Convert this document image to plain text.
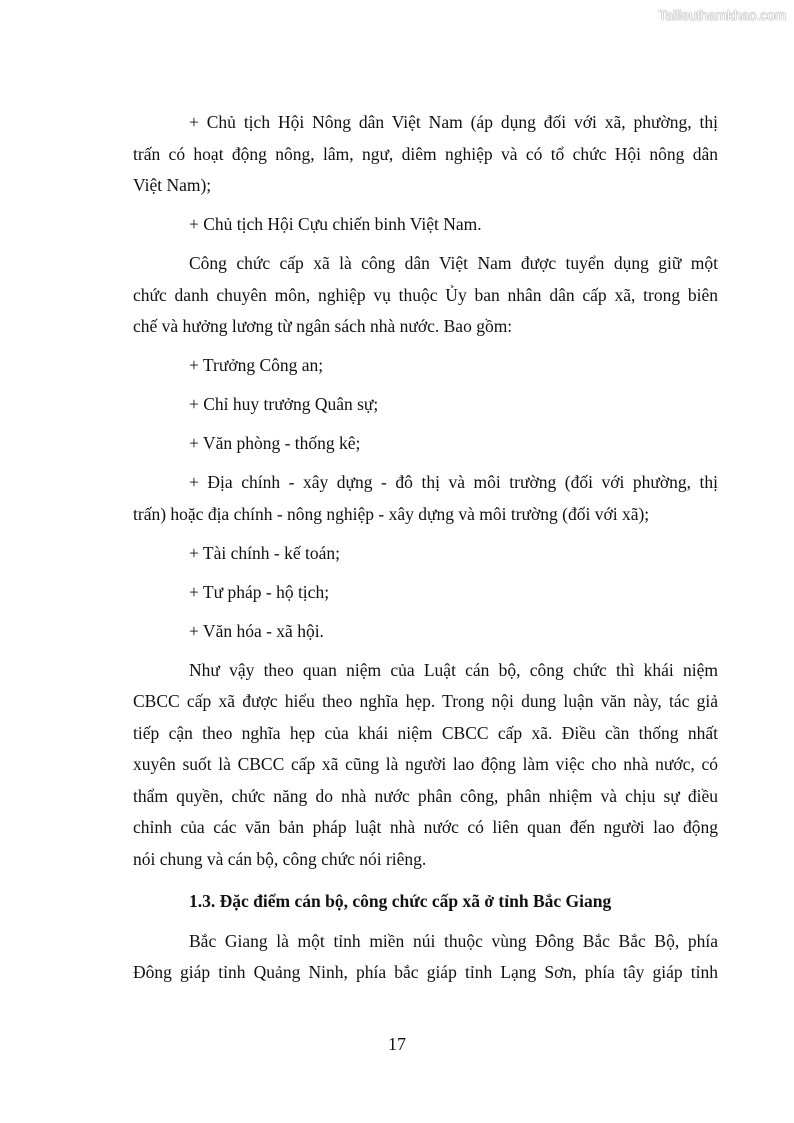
Tailieuthamkhao.com
+ Chủ tịch Hội Nông dân Việt Nam (áp dụng đối với xã, phường, thị
trấn có hoạt động nông, lâm, ngư, diêm nghiệp và có tổ chức Hội nông dân
Việt Nam);
+ Chủ tịch Hội Cựu chiến binh Việt Nam.
Công chức cấp xã là công dân Việt Nam được tuyển dụng giữ một
chức danh chuyên môn, nghiệp vụ thuộc Ủy ban nhân dân cấp xã, trong biên
chế và hưởng lương từ ngân sách nhà nước. Bao gồm:
+ Trưởng Công an;
+ Chỉ huy trưởng Quân sự;
+ Văn phòng - thống kê;
+ Địa chính - xây dựng - đô thị và môi trường (đối với phường, thị
trấn) hoặc địa chính - nông nghiệp - xây dựng và môi trường (đối với xã);
+ Tài chính - kế toán;
+ Tư pháp - hộ tịch;
+ Văn hóa - xã hội.
Như vậy theo quan niệm của Luật cán bộ, công chức thì khái niệm
CBCC cấp xã được hiểu theo nghĩa hẹp. Trong nội dung luận văn này, tác giả
tiếp cận theo nghĩa hẹp của khái niệm CBCC cấp xã. Điều cần thống nhất
xuyên suốt là CBCC cấp xã cũng là người lao động làm việc cho nhà nước, có
thẩm quyền, chức năng do nhà nước phân công, phân nhiệm và chịu sự điều
chỉnh của các văn bản pháp luật nhà nước có liên quan đến người lao động
nói chung và cán bộ, công chức nói riêng.
1.3. Đặc điểm cán bộ, công chức cấp xã ở tỉnh Bắc Giang
Bắc Giang là một tỉnh miền núi thuộc vùng Đông Bắc Bắc Bộ, phía
Đông giáp tỉnh Quảng Ninh, phía bắc giáp tỉnh Lạng Sơn, phía tây giáp tỉnh
17
